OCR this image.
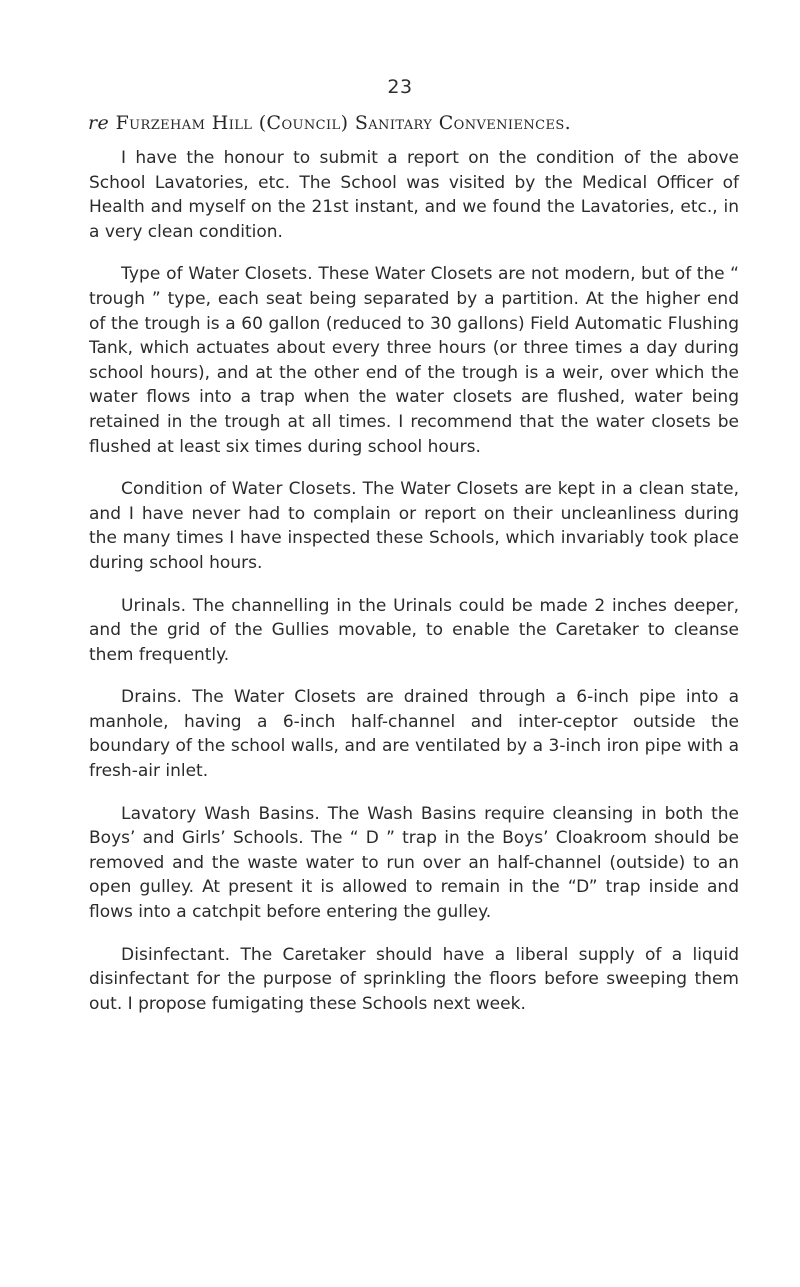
23
re Furzeham Hill (Council) Sanitary Conveniences.

I have the honour to submit a report on the condition of the above School Lavatories, etc. The School was visited by the Medical Officer of Health and myself on the 21st instant, and we found the Lavatories, etc., in a very clean condition.

Type of Water Closets. These Water Closets are not modern, but of the “ trough ” type, each seat being separated by a partition. At the higher end of the trough is a 60 gallon (reduced to 30 gallons) Field Automatic Flushing Tank, which actuates about every three hours (or three times a day during school hours), and at the other end of the trough is a weir, over which the water flows into a trap when the water closets are flushed, water being retained in the trough at all times. I recommend that the water closets be flushed at least six times during school hours.

Condition of Water Closets. The Water Closets are kept in a clean state, and I have never had to complain or report on their uncleanliness during the many times I have inspected these Schools, which invariably took place during school hours.

Urinals. The channelling in the Urinals could be made 2 inches deeper, and the grid of the Gullies movable, to enable the Caretaker to cleanse them frequently.

Drains. The Water Closets are drained through a 6-inch pipe into a manhole, having a 6-inch half-channel and inter-ceptor outside the boundary of the school walls, and are ventilated by a 3-inch iron pipe with a fresh-air inlet.

Lavatory Wash Basins. The Wash Basins require cleansing in both the Boys’ and Girls’ Schools. The “ D ” trap in the Boys’ Cloakroom should be removed and the waste water to run over an half-channel (outside) to an open gulley. At present it is allowed to remain in the “D” trap inside and flows into a catchpit before entering the gulley.

Disinfectant. The Caretaker should have a liberal supply of a liquid disinfectant for the purpose of sprinkling the floors before sweeping them out. I propose fumigating these Schools next week.
